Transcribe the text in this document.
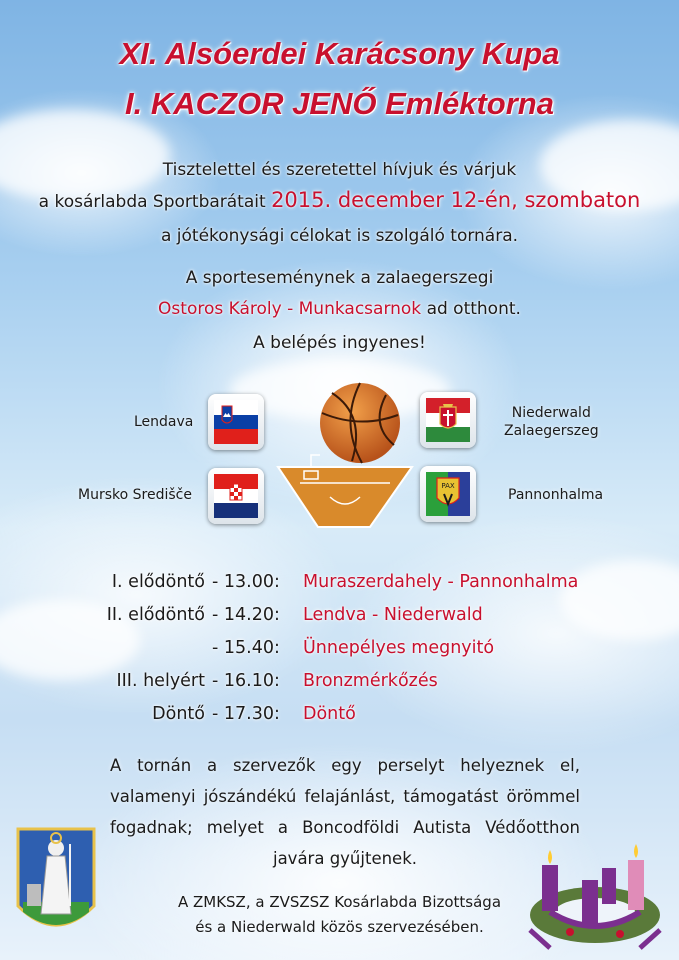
XI. Alsóerdei Karácsony Kupa
I. KACZOR JENŐ Emléktorna
Tisztelettel és szeretettel hívjuk és várjuk
a kosárlabda Sportbarátait 2015. december 12-én, szombaton
a jótékonysági célokat is szolgáló tornára.
A sporteseménynek a zalaegerszegi
Ostoros Károly - Munkacsarnok ad otthont.
A belépés ingyenes!
Lendava
Mursko Središče
Niederwald
Zalaegerszeg
Pannonhalma
PAX
I. elődöntő - 13.00:	Muraszerdahely - Pannonhalma
II. elődöntő - 14.20:	Lendva - Niederwald
- 15.40:	Ünnepélyes megnyitó
III. helyért - 16.10:	Bronzmérkőzés
Döntő - 17.30:	Döntő
A tornán a szervezők egy perselyt helyeznek el, valamenyi jószándékú felajánlást, támogatást örömmel fogadnak; melyet a Boncodföldi Autista Védőotthon javára gyűjtenek.
A ZMKSZ, a ZVSZSZ Kosárlabda Bizottsága
és a Niederwald közös szervezésében.
